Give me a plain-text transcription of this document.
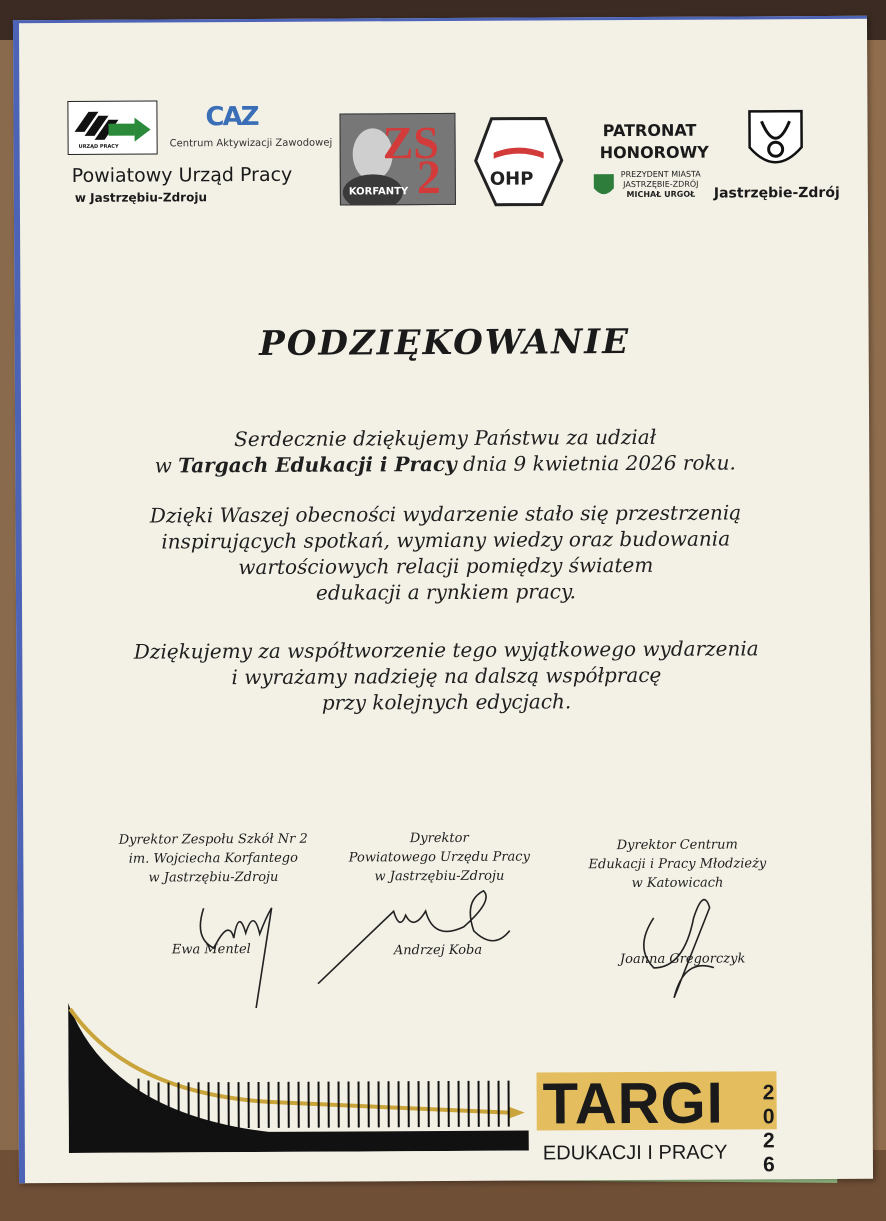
URZĄD PRACY
Powiatowy Urząd Pracy
w Jastrzębiu-Zdroju
CAZ
Centrum Aktywizacji Zawodowej ZS
2
KORFANTY
OHP
PATRONAT
HONOROWY
PREZYDENT MIASTA
JASTRZĘBIE-ZDRÓJ
MICHAŁ URGOŁ	Jastrzębie-Zdrój
PODZIĘKOWANIE
Serdecznie dziękujemy Państwu za udział
w Targach Edukacji i Pracy dnia 9 kwietnia 2026 roku.
Dzięki Waszej obecności wydarzenie stało się przestrzenią
inspirujących spotkań, wymiany wiedzy oraz budowania
wartościowych relacji pomiędzy światem
edukacji a rynkiem pracy.
Dziękujemy za współtworzenie tego wyjątkowego wydarzenia
i wyrażamy nadzieję na dalszą współpracę
przy kolejnych edycjach.
Dyrektor Zespołu Szkół Nr 2
im. Wojciecha Korfantego
w Jastrzębiu-Zdroju
Ewa Mentel
Dyrektor
Powiatowego Urzędu Pracy
w Jastrzębiu-Zdroju
Andrzej Koba
Dyrektor Centrum
Edukacji i Pracy Młodzieży
w Katowicach
Joanna Gregorczyk
TARGI
EDUKACJI I PRACY
2
0
2
6
